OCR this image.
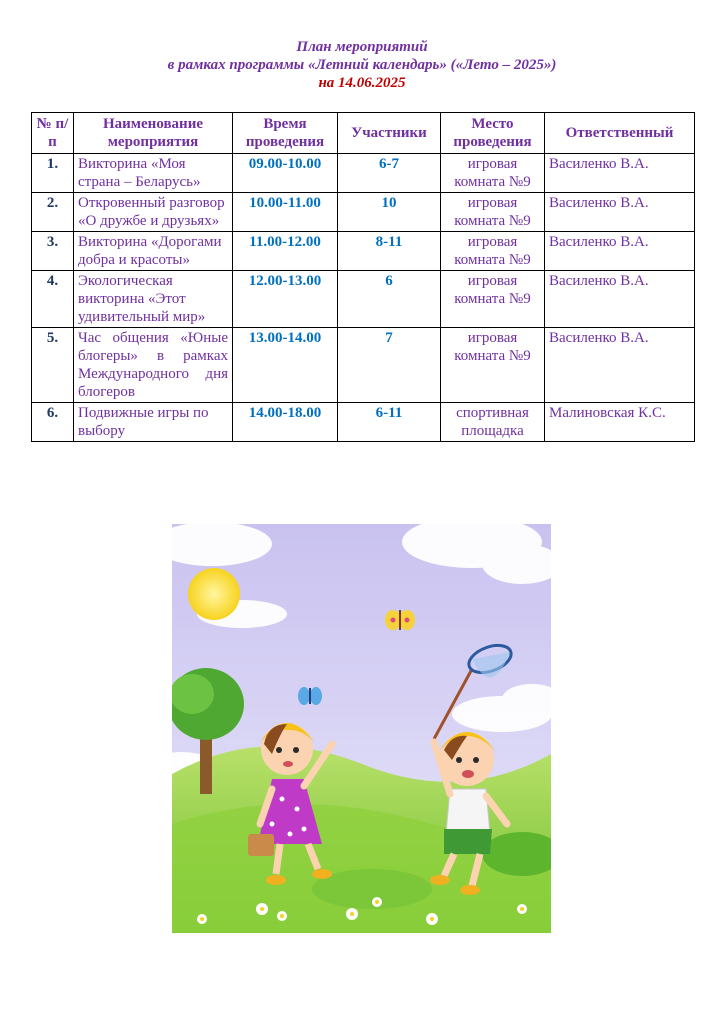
План мероприятий
в рамках программы «Летний календарь» («Лето – 2025»)
на 14.06.2025
№ п/п	Наименование мероприятия	Время проведения	Участники	Место проведения	Ответственный
1.	Викторина «Моя страна – Беларусь»	09.00-10.00	6-7	игровая комната №9	Василенко В.А.
2.	Откровенный разговор «О дружбе и друзьях»	10.00-11.00	10	игровая комната №9	Василенко В.А.
3.	Викторина «Дорогами добра и красоты»	11.00-12.00	8-11	игровая комната №9	Василенко В.А.
4.	Экологическая викторина «Этот удивительный мир»	12.00-13.00	6	игровая комната №9	Василенко В.А.
5.	Час общения «Юные блогеры» в рамках Международного дня блогеров	13.00-14.00	7	игровая комната №9	Василенко В.А.
6.	Подвижные игры по выбору	14.00-18.00	6-11	спортивная площадка	Малиновская К.С.
